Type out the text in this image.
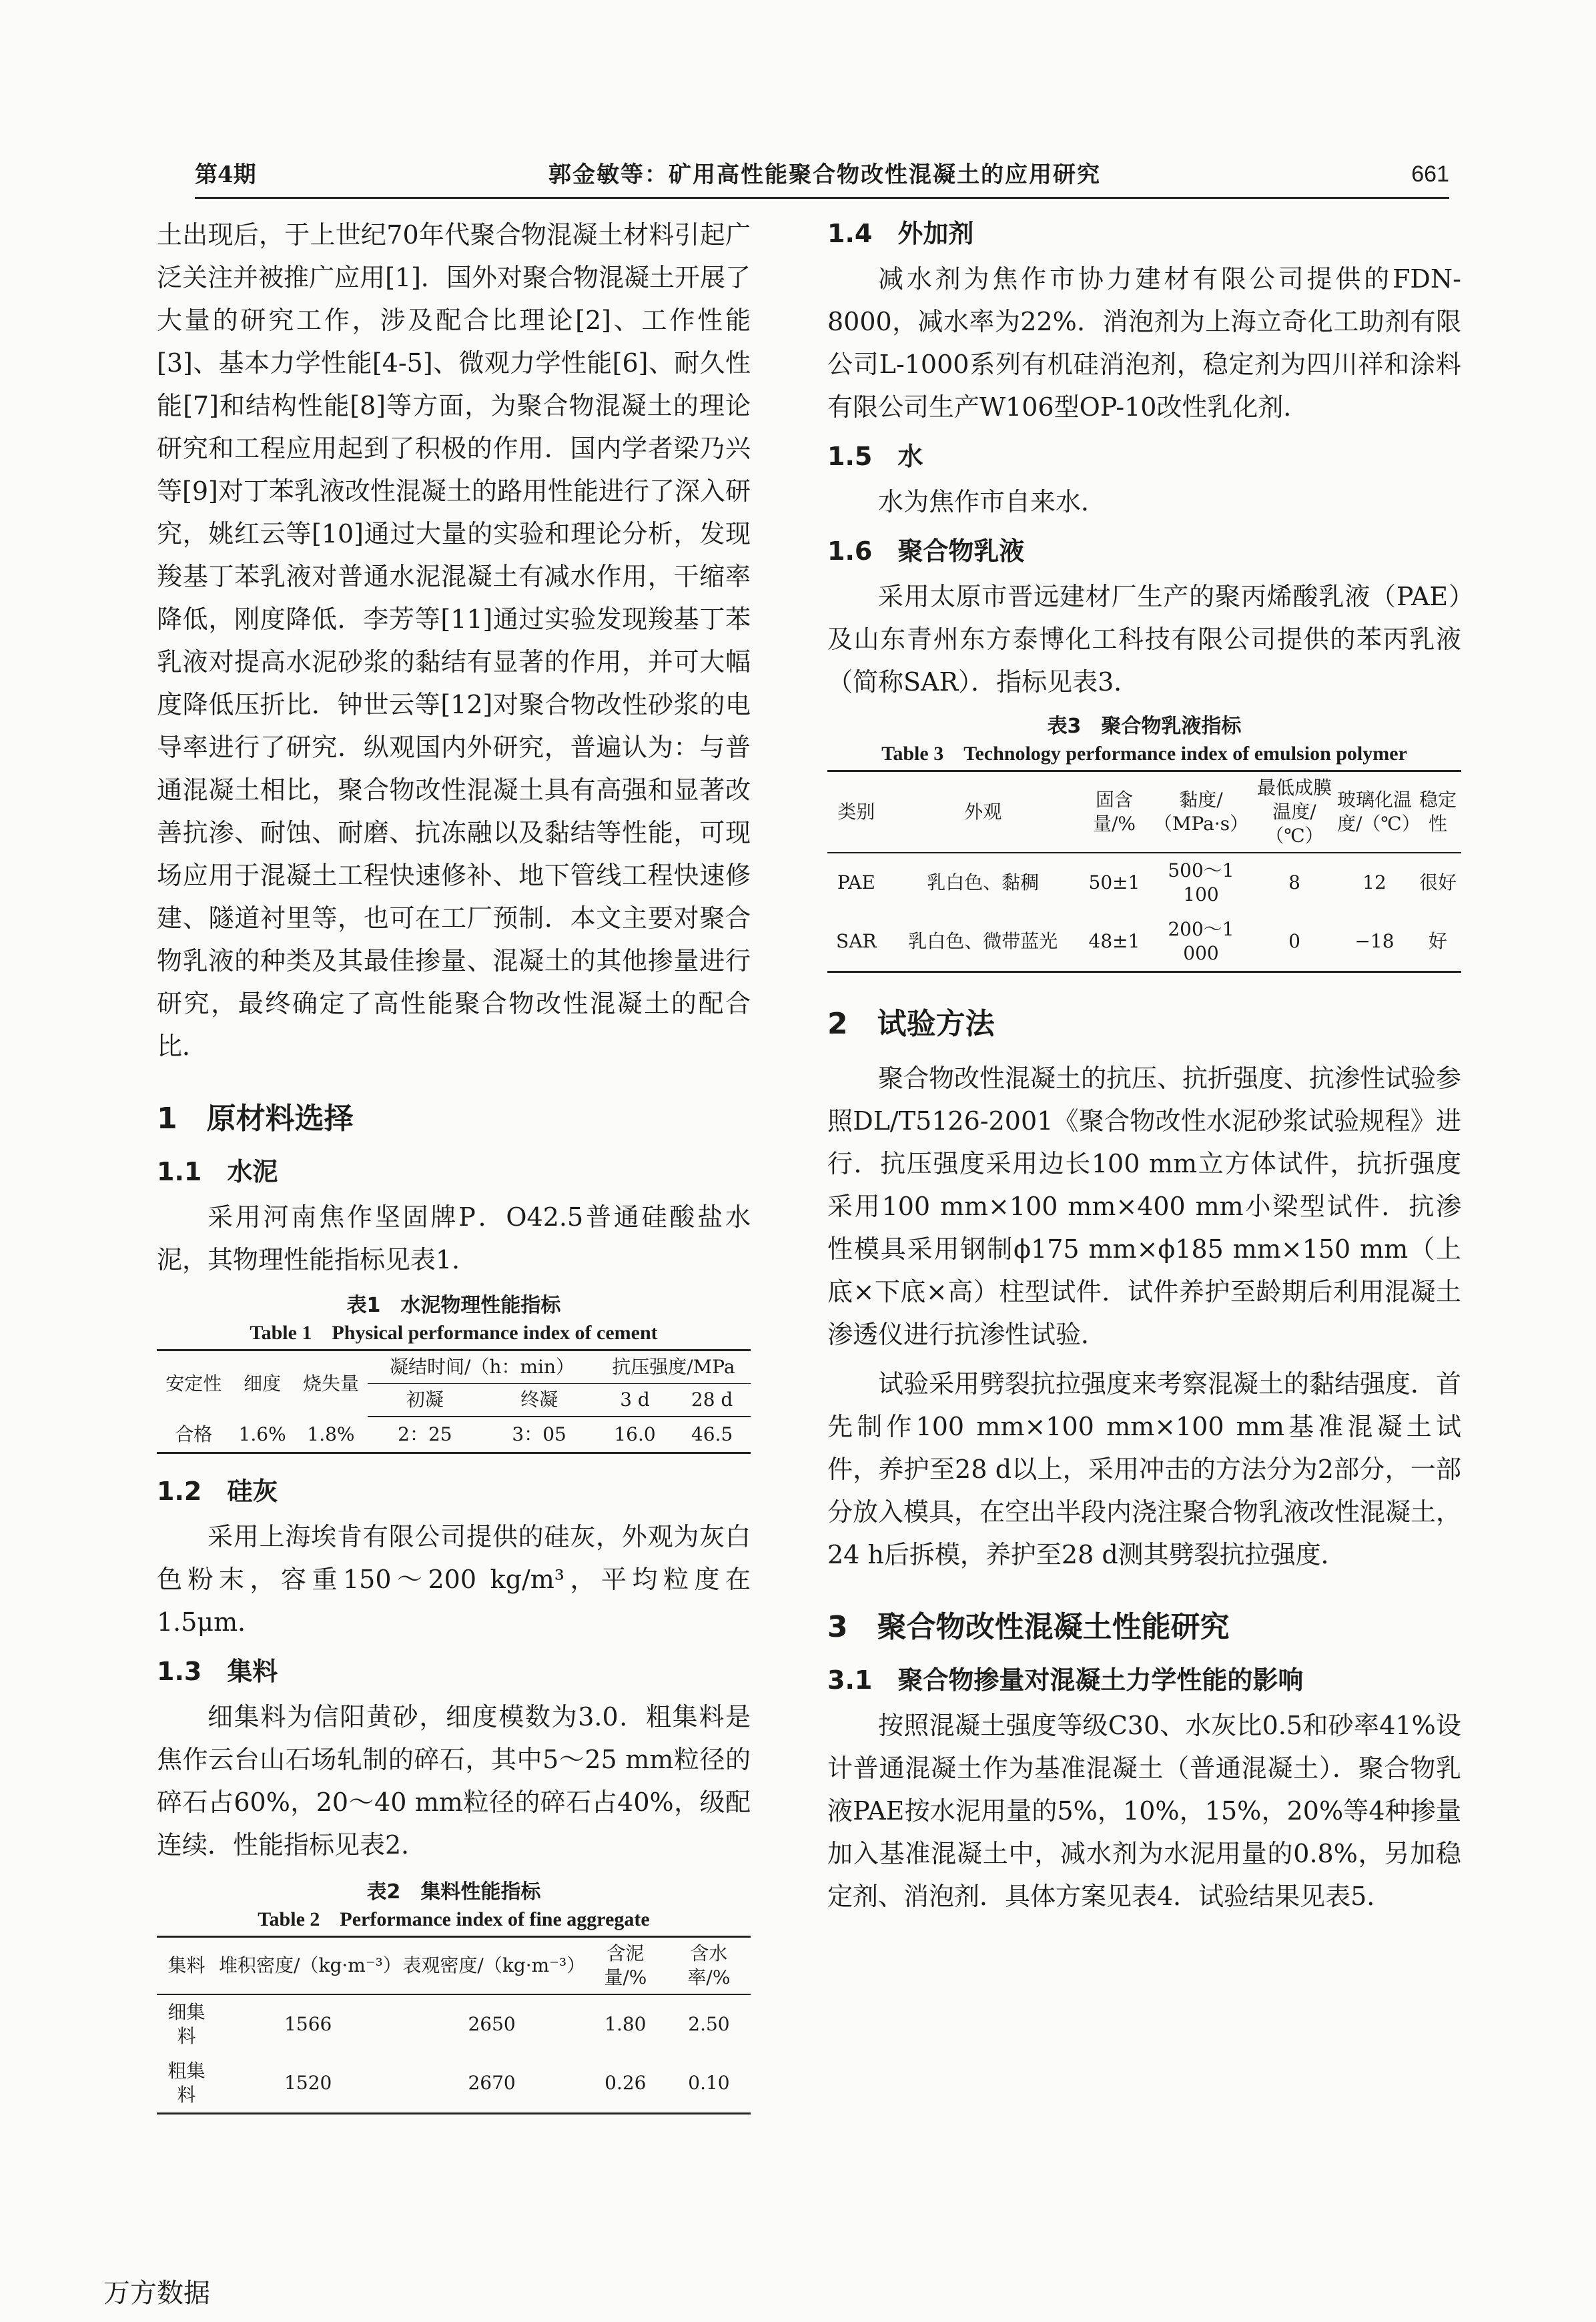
第4期	郭金敏等：矿用高性能聚合物改性混凝土的应用研究	661

土出现后，于上世纪70年代聚合物混凝土材料引起广泛关注并被推广应用[1]．国外对聚合物混凝土开展了大量的研究工作，涉及配合比理论[2]、工作性能[3]、基本力学性能[4-5]、微观力学性能[6]、耐久性能[7]和结构性能[8]等方面，为聚合物混凝土的理论研究和工程应用起到了积极的作用．国内学者梁乃兴等[9]对丁苯乳液改性混凝土的路用性能进行了深入研究，姚红云等[10]通过大量的实验和理论分析，发现羧基丁苯乳液对普通水泥混凝土有减水作用，干缩率降低，刚度降低．李芳等[11]通过实验发现羧基丁苯乳液对提高水泥砂浆的黏结有显著的作用，并可大幅度降低压折比．钟世云等[12]对聚合物改性砂浆的电导率进行了研究．纵观国内外研究，普遍认为：与普通混凝土相比，聚合物改性混凝土具有高强和显著改善抗渗、耐蚀、耐磨、抗冻融以及黏结等性能，可现场应用于混凝土工程快速修补、地下管线工程快速修建、隧道衬里等，也可在工厂预制．本文主要对聚合物乳液的种类及其最佳掺量、混凝土的其他掺量进行研究，最终确定了高性能聚合物改性混凝土的配合比．

1　原材料选择
1.1　水泥

采用河南焦作坚固牌P．O42.5普通硅酸盐水泥，其物理性能指标见表1．

表1　水泥物理性能指标
Table 1　Physical performance index of cement
安定性	细度	烧失量	凝结时间/（h：min）		抗压强度/MPa	
			初凝	终凝	3 d	28 d
合格	1.6%	1.8%	2：25	3：05	16.0	46.5
1.2　硅灰

采用上海埃肯有限公司提供的硅灰，外观为灰白色粉末，容重150～200 kg/m³，平均粒度在1.5μm．

1.3　集料

细集料为信阳黄砂，细度模数为3.0．粗集料是焦作云台山石场轧制的碎石，其中5～25 mm粒径的碎石占60%，20～40 mm粒径的碎石占40%，级配连续．性能指标见表2．

表2　集料性能指标
Table 2　Performance index of fine aggregate
集料	堆积密度/（kg·m⁻³）	表观密度/（kg·m⁻³）	含泥量/%	含水率/%
细集料	1566	2650	1.80	2.50
粗集料	1520	2670	0.26	0.10
1.4　外加剂

减水剂为焦作市协力建材有限公司提供的FDN-8000，减水率为22%．消泡剂为上海立奇化工助剂有限公司L-1000系列有机硅消泡剂，稳定剂为四川祥和涂料有限公司生产W106型OP-10改性乳化剂．

1.5　水

水为焦作市自来水．

1.6　聚合物乳液

采用太原市晋远建材厂生产的聚丙烯酸乳液（PAE）及山东青州东方泰博化工科技有限公司提供的苯丙乳液（简称SAR）．指标见表3．

表3　聚合物乳液指标
Table 3　Technology performance index of emulsion polymer
类别	外观	固含量/%	黏度/（MPa·s）	最低成膜温度/（℃）	玻璃化温度/（℃）	稳定性
PAE	乳白色、黏稠	50±1	500～1 100	8	12	很好
SAR	乳白色、微带蓝光	48±1	200～1 000	0	−18	好
2　试验方法

聚合物改性混凝土的抗压、抗折强度、抗渗性试验参照DL/T5126-2001《聚合物改性水泥砂浆试验规程》进行．抗压强度采用边长100 mm立方体试件，抗折强度采用100 mm×100 mm×400 mm小梁型试件．抗渗性模具采用钢制ϕ175 mm×ϕ185 mm×150 mm（上底×下底×高）柱型试件．试件养护至龄期后利用混凝土渗透仪进行抗渗性试验．

试验采用劈裂抗拉强度来考察混凝土的黏结强度．首先制作100 mm×100 mm×100 mm基准混凝土试件，养护至28 d以上，采用冲击的方法分为2部分，一部分放入模具，在空出半段内浇注聚合物乳液改性混凝土，24 h后拆模，养护至28 d测其劈裂抗拉强度．

3　聚合物改性混凝土性能研究
3.1　聚合物掺量对混凝土力学性能的影响

按照混凝土强度等级C30、水灰比0.5和砂率41%设计普通混凝土作为基准混凝土（普通混凝土）．聚合物乳液PAE按水泥用量的5%，10%，15%，20%等4种掺量加入基准混凝土中，减水剂为水泥用量的0.8%，另加稳定剂、消泡剂．具体方案见表4．试验结果见表5．

万方数据
